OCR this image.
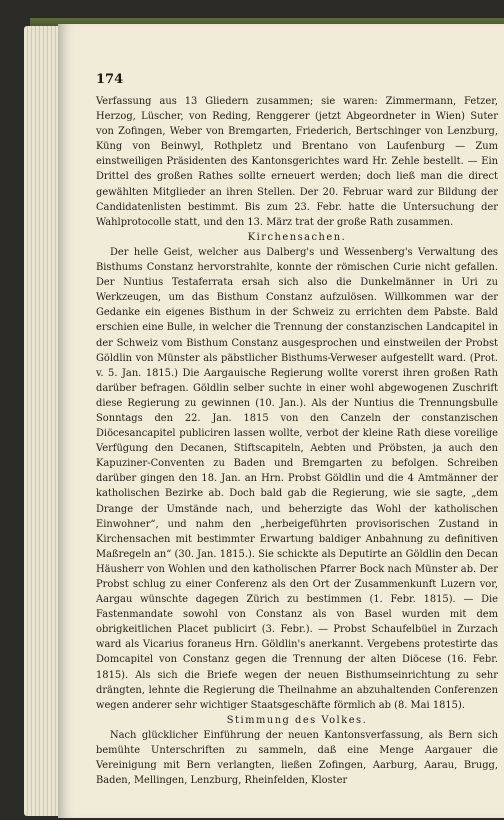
174

Verfassung aus 13 Gliedern zusammen; sie waren: Zimmermann, Fetzer, Herzog, Lüscher, von Reding, Renggerer (jetzt Abgeordneter in Wien) Suter von Zofingen, Weber von Bremgarten, Friederich, Bertschinger von Lenzburg, Küng von Beinwyl, Rothpletz und Brentano von Laufenburg — Zum einstweiligen Präsidenten des Kantonsgerichtes ward Hr. Zehle bestellt. — Ein Drittel des großen Rathes sollte erneuert werden; doch ließ man die direct gewählten Mitglieder an ihren Stellen. Der 20. Februar ward zur Bildung der Candidatenlisten bestimmt. Bis zum 23. Febr. hatte die Untersuchung der Wahlprotocolle statt, und den 13. März trat der große Rath zusammen.

Kirchensachen.

Der helle Geist, welcher aus Dalberg's und Wessenberg's Verwaltung des Bisthums Constanz hervorstrahlte, konnte der römischen Curie nicht gefallen. Der Nuntius Testaferrata ersah sich also die Dunkelmänner in Uri zu Werkzeugen, um das Bisthum Constanz aufzulösen. Willkommen war der Gedanke ein eigenes Bisthum in der Schweiz zu errichten dem Pabste. Bald erschien eine Bulle, in welcher die Trennung der constanzischen Landcapitel in der Schweiz vom Bisthum Constanz ausgesprochen und einstweilen der Probst Göldlin von Münster als päbstlicher Bisthums-Verweser aufgestellt ward. (Prot. v. 5. Jan. 1815.) Die Aargauische Regierung wollte vorerst ihren großen Rath darüber befragen. Göldlin selber suchte in einer wohl abgewogenen Zuschrift diese Regierung zu gewinnen (10. Jan.). Als der Nuntius die Trennungsbulle Sonntags den 22. Jan. 1815 von den Canzeln der constanzischen Diöcesancapitel publiciren lassen wollte, verbot der kleine Rath diese voreilige Verfügung den Decanen, Stiftscapiteln, Aebten und Pröbsten, ja auch den Kapuziner-Conventen zu Baden und Bremgarten zu befolgen. Schreiben darüber gingen den 18. Jan. an Hrn. Probst Göldlin und die 4 Amtmänner der katholischen Bezirke ab. Doch bald gab die Regierung, wie sie sagte, „dem Drange der Umstände nach, und beherzigte das Wohl der katholischen Einwohner“, und nahm den „herbeigeführten provisorischen Zustand in Kirchensachen mit bestimmter Erwartung baldiger Anbahnung zu definitiven Maßregeln an“ (30. Jan. 1815.). Sie schickte als Deputirte an Göldlin den Decan Häusherr von Wohlen und den katholischen Pfarrer Bock nach Münster ab. Der Probst schlug zu einer Conferenz als den Ort der Zusammenkunft Luzern vor, Aargau wünschte dagegen Zürich zu bestimmen (1. Febr. 1815). — Die Fastenmandate sowohl von Constanz als von Basel wurden mit dem obrigkeitlichen Placet publicirt (3. Febr.). — Probst Schaufelbüel in Zurzach ward als Vicarius foraneus Hrn. Göldlin's anerkannt. Vergebens protestirte das Domcapitel von Constanz gegen die Trennung der alten Diöcese (16. Febr. 1815). Als sich die Briefe wegen der neuen Bisthumseinrichtung zu sehr drängten, lehnte die Regierung die Theilnahme an abzuhaltenden Conferenzen wegen anderer sehr wichtiger Staatsgeschäfte förmlich ab (8. Mai 1815).

Stimmung des Volkes.

Nach glücklicher Einführung der neuen Kantonsverfassung, als Bern sich bemühte Unterschriften zu sammeln, daß eine Menge Aargauer die Vereinigung mit Bern verlangten, ließen Zofingen, Aarburg, Aarau, Brugg, Baden, Mellingen, Lenzburg, Rheinfelden, Kloster
